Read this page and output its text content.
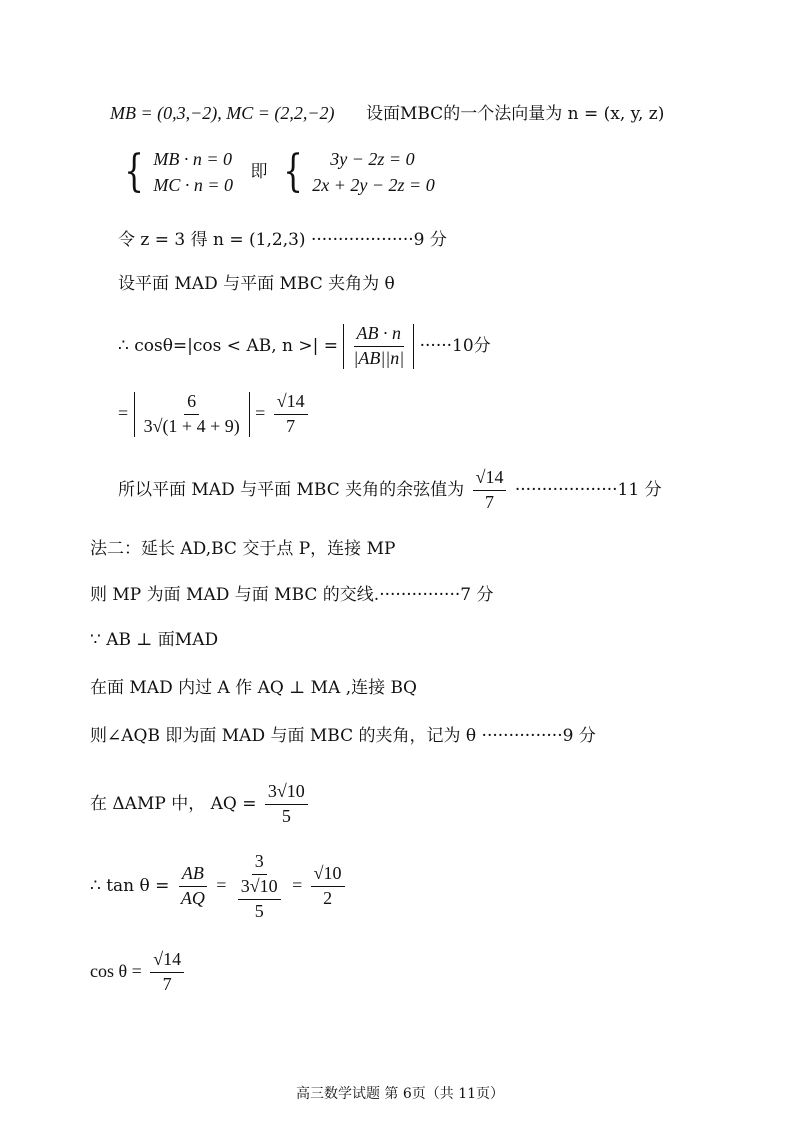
MB = (0,3,−2), MC = (2,2,−2) 设面MBC的一个法向量为 n = (x, y, z)
{ MB · n = 0
MC · n = 0
即 {	3y − 2z = 0
2x + 2y − 2z = 0
令 z = 3 得 n = (1,2,3) ···················9 分
设平面 MAD 与平面 MBC 夹角为 θ
∴ cosθ=|cos < AB, n >| = $\frac{AB \cdot n}{|AB||n|} \cdot\cdot\cdot\cdot\cdot\cdot 10$分
= $\frac{6}{3√(1 + 4 + 9)} = \frac{√14}{7}$
所以平面 MAD 与平面 MBC 夹角的余弦值为 $\frac{√14}{7} \cdot\cdot\cdot\cdot\cdot\cdot\cdot\cdot\cdot\cdot\cdot\cdot\cdot\cdot\cdot\cdot\cdot\cdot\cdot 11$ 分
法二：延长 AD,BC 交于点 P，连接 MP
则 MP 为面 MAD 与面 MBC 的交线.···············7 分
∵ AB ⊥ 面MAD
在面 MAD 内过 A 作 AQ ⊥ MA ,连接 BQ
则∠AQB 即为面 MAD 与面 MBC 的夹角，记为 θ ···············9 分
在 ΔAMP 中， AQ = $\frac{3√10}{5}$
∴ $\tan \theta = \frac{AB}{AQ} = \frac{3}{\frac{3√10}{5}} = \frac{√10}{2}$
$\cos \theta = \frac{√14}{7}$
高三数学试题 第 6页（共 11页）
